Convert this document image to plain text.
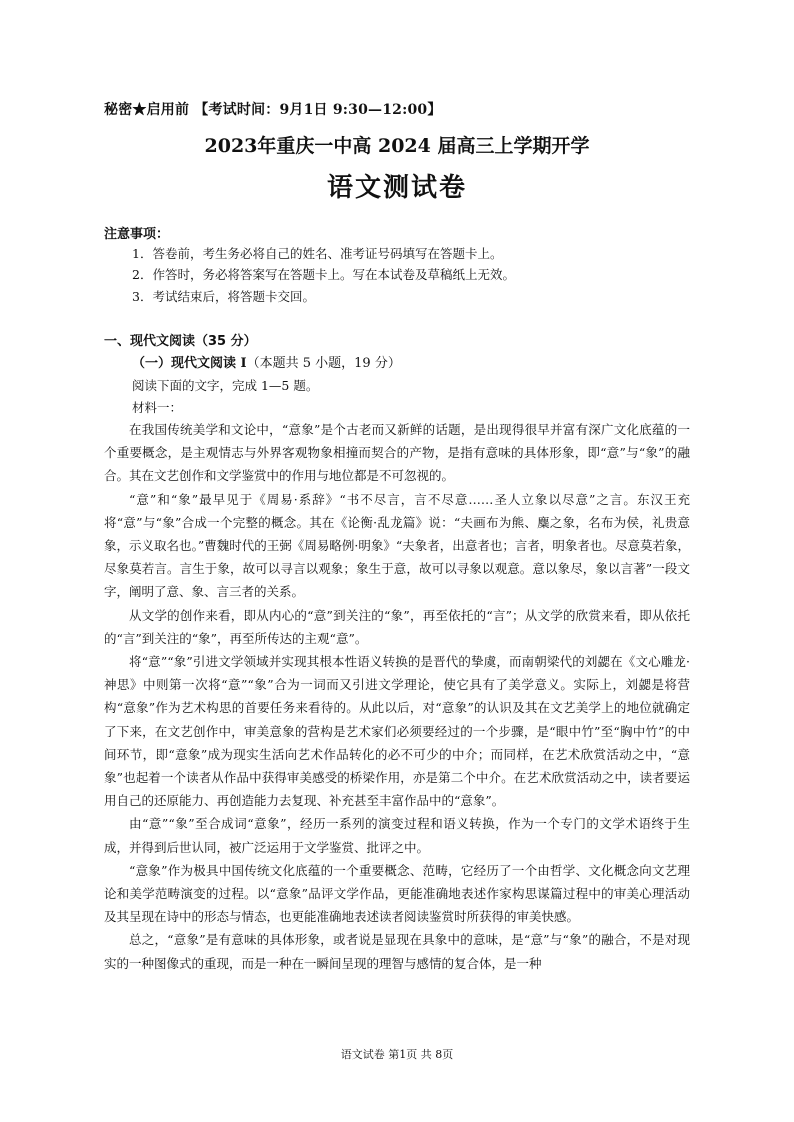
秘密★启用前 【考试时间：9月1日 9:30—12:00】
2023年重庆一中高 2024 届高三上学期开学
语文测试卷
注意事项：
1．答卷前，考生务必将自己的姓名、准考证号码填写在答题卡上。
2．作答时，务必将答案写在答题卡上。写在本试卷及草稿纸上无效。
3．考试结束后，将答题卡交回。
一、现代文阅读（35 分）
（一）现代文阅读 I（本题共 5 小题，19 分）
阅读下面的文字，完成 1—5 题。
材料一：

在我国传统美学和文论中，“意象”是个古老而又新鲜的话题，是出现得很早并富有深广文化底蕴的一个重要概念，是主观情志与外界客观物象相撞而契合的产物，是指有意味的具体形象，即“意”与“象”的融合。其在文艺创作和文学鉴赏中的作用与地位都是不可忽视的。

“意”和“象”最早见于《周易·系辞》“书不尽言，言不尽意……圣人立象以尽意”之言。东汉王充将“意”与“象”合成一个完整的概念。其在《论衡·乱龙篇》说：“夫画布为熊、麋之象，名布为侯，礼贵意象，示义取名也。”曹魏时代的王弼《周易略例·明象》“夫象者，出意者也；言者，明象者也。尽意莫若象，尽象莫若言。言生于象，故可以寻言以观象；象生于意，故可以寻象以观意。意以象尽，象以言著”一段文字，阐明了意、象、言三者的关系。

从文学的创作来看，即从内心的“意”到关注的“象”，再至依托的“言”；从文学的欣赏来看，即从依托的“言”到关注的“象”，再至所传达的主观“意”。

将“意”“象”引进文学领域并实现其根本性语义转换的是晋代的挚虞，而南朝梁代的刘勰在《文心雕龙·神思》中则第一次将“意”“象”合为一词而又引进文学理论，使它具有了美学意义。实际上，刘勰是将营构“意象”作为艺术构思的首要任务来看待的。从此以后，对“意象”的认识及其在文艺美学上的地位就确定了下来，在文艺创作中，审美意象的营构是艺术家们必须要经过的一个步骤，是“眼中竹”至“胸中竹”的中间环节，即“意象”成为现实生活向艺术作品转化的必不可少的中介；而同样，在艺术欣赏活动之中，“意象”也起着一个读者从作品中获得审美感受的桥梁作用，亦是第二个中介。在艺术欣赏活动之中，读者要运用自己的还原能力、再创造能力去复现、补充甚至丰富作品中的“意象”。

由“意”“象”至合成词“意象”，经历一系列的演变过程和语义转换，作为一个专门的文学术语终于生成，并得到后世认同，被广泛运用于文学鉴赏、批评之中。

“意象”作为极具中国传统文化底蕴的一个重要概念、范畴，它经历了一个由哲学、文化概念向文艺理论和美学范畴演变的过程。以“意象”品评文学作品，更能准确地表述作家构思谋篇过程中的审美心理活动及其呈现在诗中的形态与情态，也更能准确地表述读者阅读鉴赏时所获得的审美快感。

总之，“意象”是有意味的具体形象，或者说是显现在具象中的意味，是“意”与“象”的融合，不是对现实的一种图像式的重现，而是一种在一瞬间呈现的理智与感情的复合体，是一种

语文试卷 第1页 共 8页
